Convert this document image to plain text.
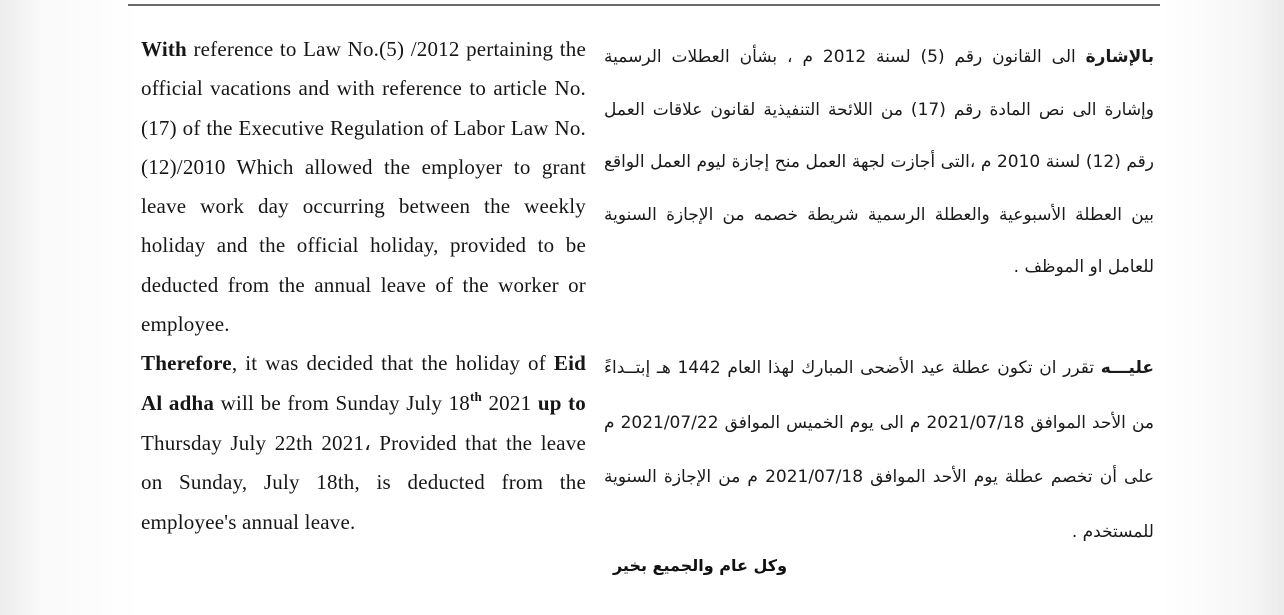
With reference to Law No.(5) /2012 pertaining the official vacations and with reference to article No.(17) of the Executive Regulation of Labor Law No.(12)/2010 Which allowed the employer to grant leave work day occurring between the weekly holiday and the official holiday, provided to be deducted from the annual leave of the worker or employee.
Therefore, it was decided that the holiday of Eid Al adha will be from Sunday July 18th 2021 up to Thursday July 22th 2021، Provided that the leave on Sunday, July 18th, is deducted from the employee's annual leave.
بالإشارة الى القانون رقم (5) لسنة 2012 م ، بشأن العطلات الرسمية وإشارة الى نص المادة رقم (17) من اللائحة التنفيذية لقانون علاقات العمل رقم (12) لسنة 2010 م ،التى أجازت لجهة العمل منح إجازة ليوم العمل الواقع بين العطلة الأسبوعية والعطلة الرسمية شريطة خصمه من الإجازة السنوية للعامل او الموظف .
عليـــه تقرر ان تكون عطلة عيد الأضحى المبارك لهذا العام 1442 هـ إبتــداءً من الأحد الموافق 2021/07/18 م الى يوم الخميس الموافق 2021/07/22 م على أن تخصم عطلة يوم الأحد الموافق 2021/07/18 م من الإجازة السنوية للمستخدم .
وكل عام والجميع بخير
